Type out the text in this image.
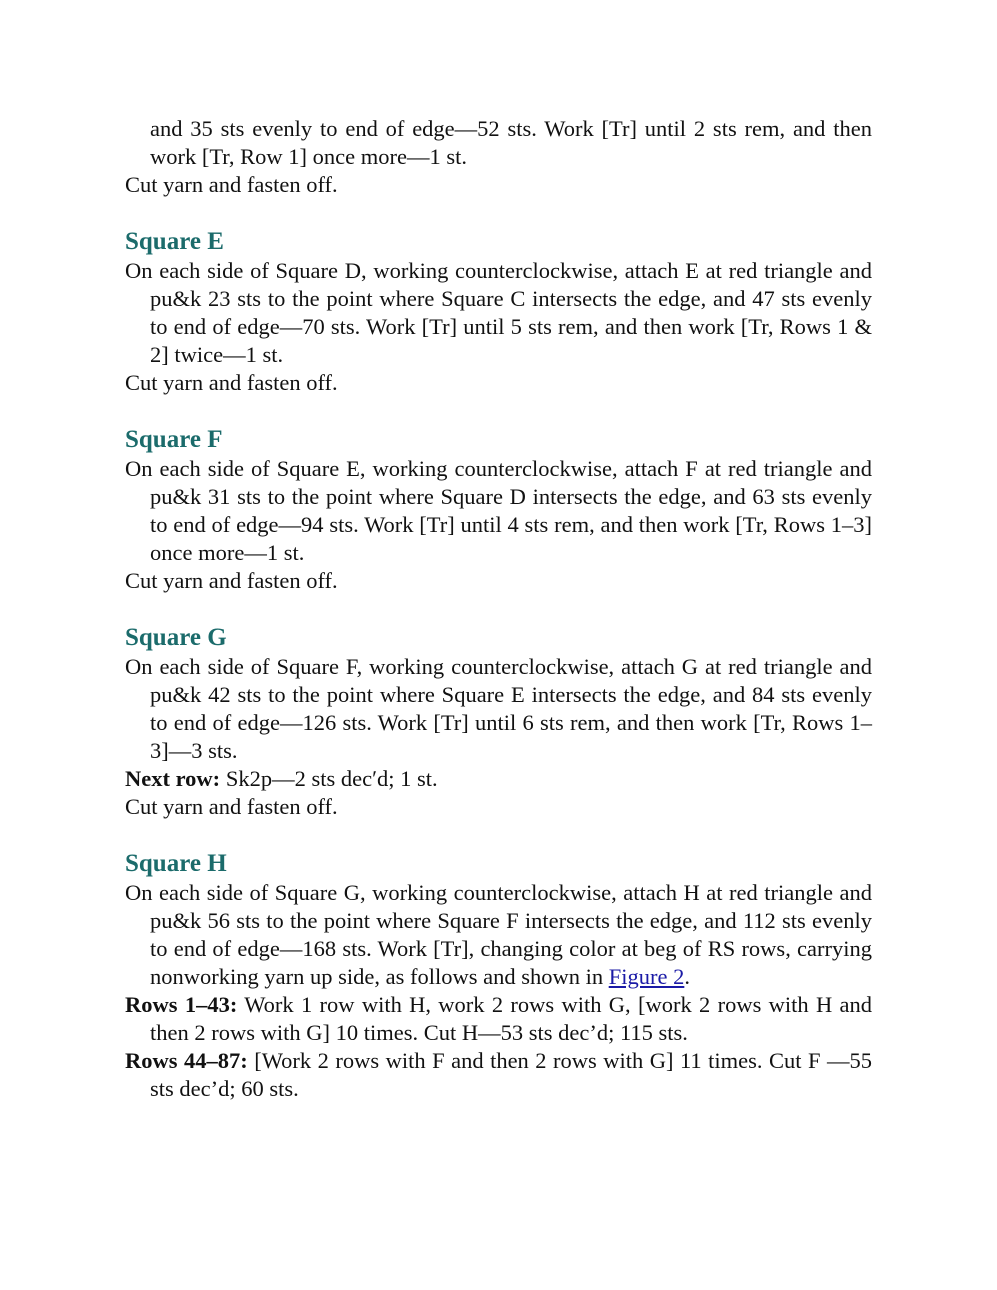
and 35 sts evenly to end of edge—52 sts. Work [Tr] until 2 sts rem, and then work [Tr, Row 1] once more—1 st.

Cut yarn and fasten off.

Square E

On each side of Square D, working counterclockwise, attach E at red triangle and pu&k 23 sts to the point where Square C intersects the edge, and 47 sts evenly to end of edge—70 sts. Work [Tr] until 5 sts rem, and then work [Tr, Rows 1 & 2] twice—1 st.

Cut yarn and fasten off.

Square F

On each side of Square E, working counterclockwise, attach F at red triangle and pu&k 31 sts to the point where Square D intersects the edge, and 63 sts evenly to end of edge—94 sts. Work [Tr] until 4 sts rem, and then work [Tr, Rows 1–3] once more—1 st.

Cut yarn and fasten off.

Square G

On each side of Square F, working counterclockwise, attach G at red triangle and pu&k 42 sts to the point where Square E intersects the edge, and 84 sts evenly to end of edge—126 sts. Work [Tr] until 6 sts rem, and then work [Tr, Rows 1–3]—3 sts.

Next row: Sk2p—2 sts decʹd; 1 st.

Cut yarn and fasten off.

Square H

On each side of Square G, working counterclockwise, attach H at red triangle and pu&k 56 sts to the point where Square F intersects the edge, and 112 sts evenly to end of edge—168 sts. Work [Tr], changing color at beg of RS rows, carrying nonworking yarn up side, as follows and shown in Figure 2.

Rows 1–43: Work 1 row with H, work 2 rows with G, [work 2 rows with H and then 2 rows with G] 10 times. Cut H—53 sts dec’d; 115 sts.

Rows 44–87: [Work 2 rows with F and then 2 rows with G] 11 times. Cut F —55 sts dec’d; 60 sts.
